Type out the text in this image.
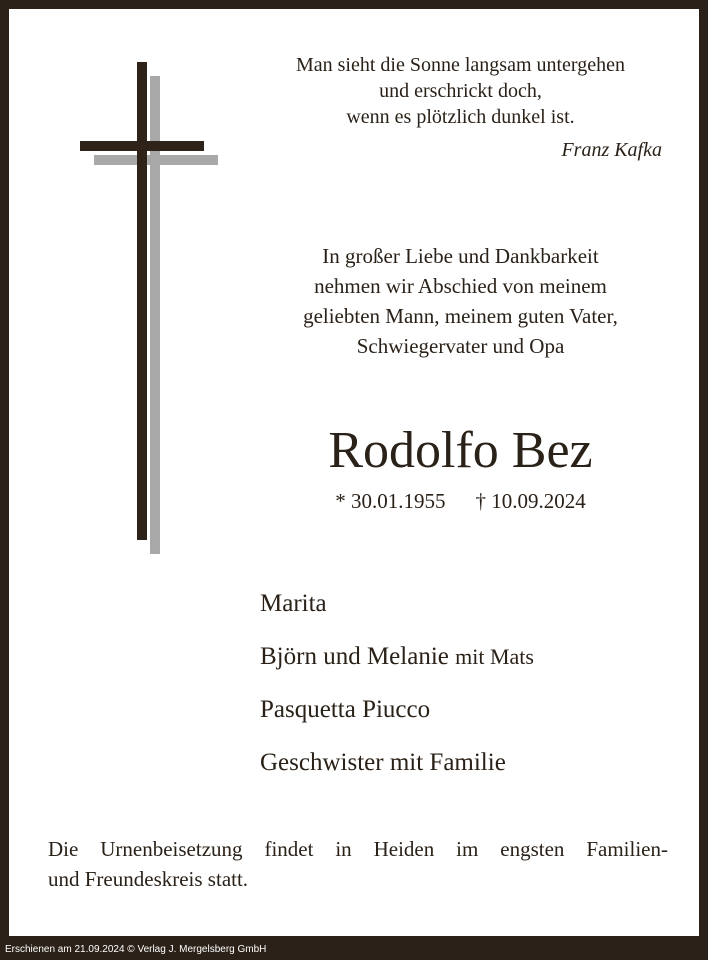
Man sieht die Sonne langsam untergehen
und erschrickt doch,
wenn es plötzlich dunkel ist.
Franz Kafka
In großer Liebe und Dankbarkeit
nehmen wir Abschied von meinem
geliebten Mann, meinem guten Vater,
Schwiegervater und Opa
Rodolfo Bez
* 30.01.1955 † 10.09.2024
Marita
Björn und Melanie mit Mats
Pasquetta Piucco
Geschwister mit Familie
Die Urnenbeisetzung findet in Heiden im engsten Familien-
und Freundeskreis statt.
Erschienen am 21.09.2024 © Verlag J. Mergelsberg GmbH
